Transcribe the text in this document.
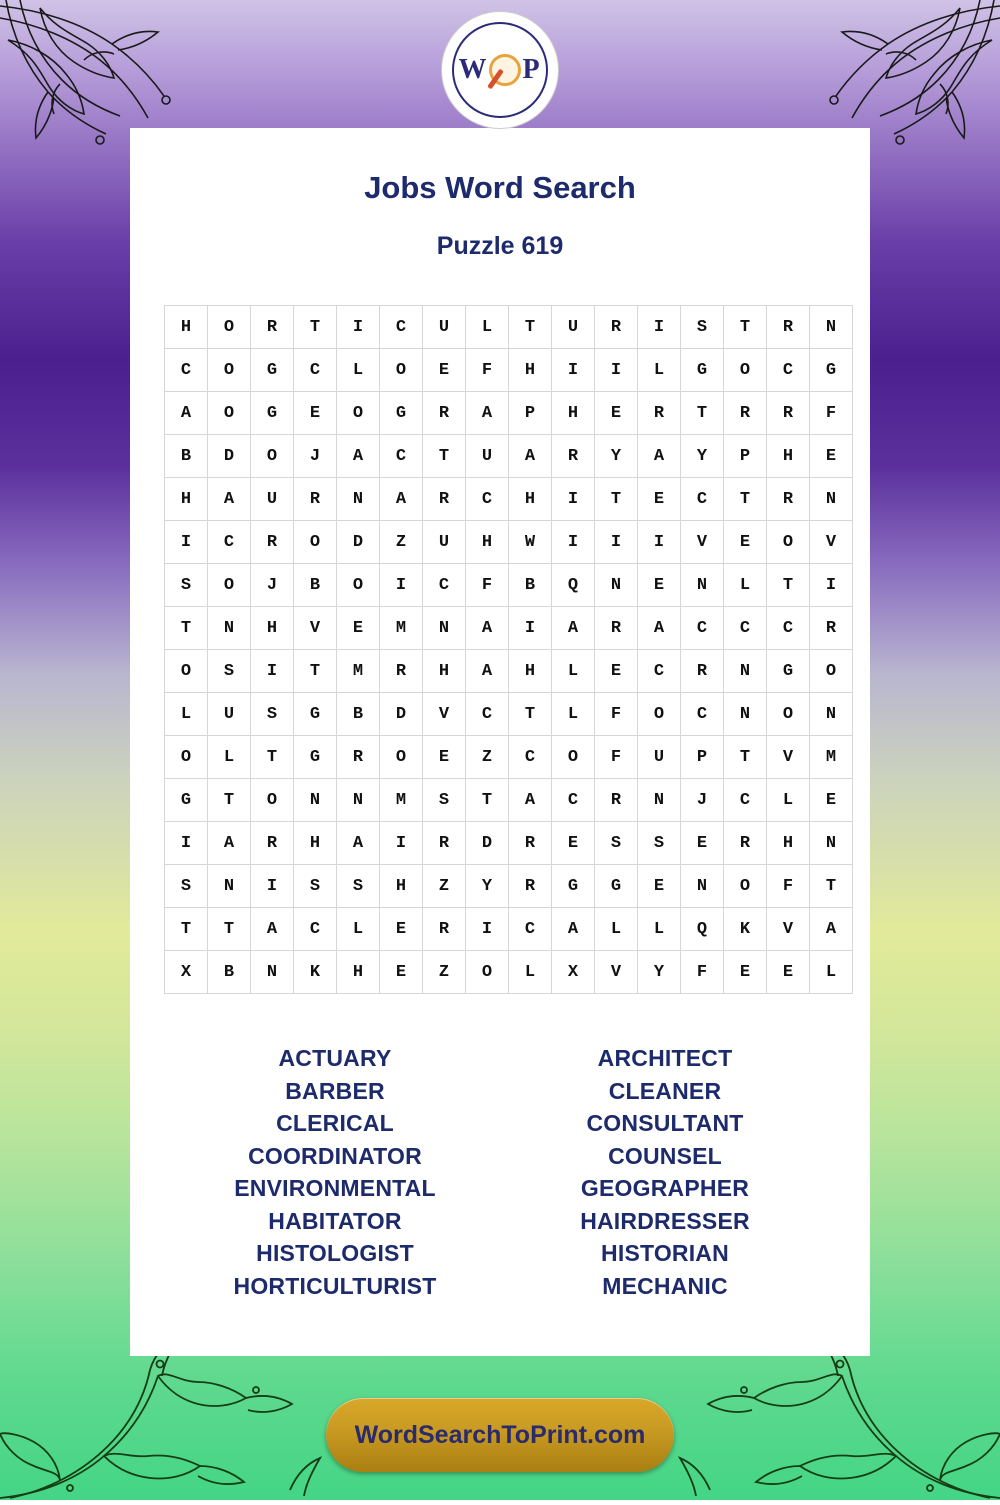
W P
Jobs Word Search
Puzzle 619
H	O	R	T	I	C	U	L	T	U	R	I	S	T	R	N
C	O	G	C	L	O	E	F	H	I	I	L	G	O	C	G
A	O	G	E	O	G	R	A	P	H	E	R	T	R	R	F
B	D	O	J	A	C	T	U	A	R	Y	A	Y	P	H	E
H	A	U	R	N	A	R	C	H	I	T	E	C	T	R	N
I	C	R	O	D	Z	U	H	W	I	I	I	V	E	O	V
S	O	J	B	O	I	C	F	B	Q	N	E	N	L	T	I
T	N	H	V	E	M	N	A	I	A	R	A	C	C	C	R
O	S	I	T	M	R	H	A	H	L	E	C	R	N	G	O
L	U	S	G	B	D	V	C	T	L	F	O	C	N	O	N
O	L	T	G	R	O	E	Z	C	O	F	U	P	T	V	M
G	T	O	N	N	M	S	T	A	C	R	N	J	C	L	E
I	A	R	H	A	I	R	D	R	E	S	S	E	R	H	N
S	N	I	S	S	H	Z	Y	R	G	G	E	N	O	F	T
T	T	A	C	L	E	R	I	C	A	L	L	Q	K	V	A
X	B	N	K	H	E	Z	O	L	X	V	Y	F	E	E	L
ACTUARY
BARBER
CLERICAL
COORDINATOR
ENVIRONMENTAL
HABITATOR
HISTOLOGIST
HORTICULTURIST
ARCHITECT
CLEANER
CONSULTANT
COUNSEL
GEOGRAPHER
HAIRDRESSER
HISTORIAN
MECHANIC
WordSearchToPrint.com
